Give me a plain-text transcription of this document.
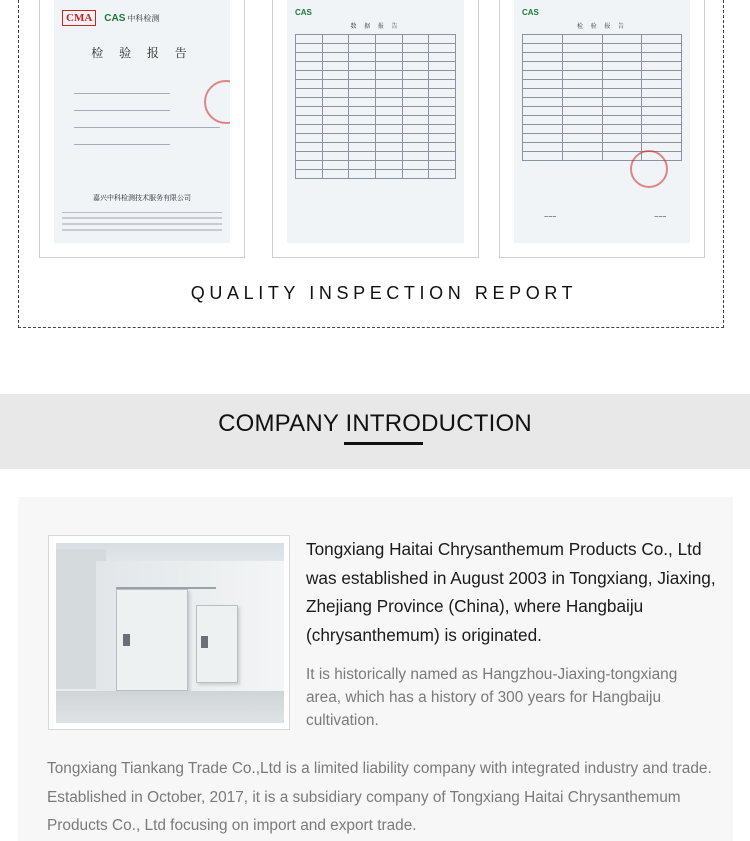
CMA	CAS 中科检测
检 验 报 告
嘉兴中科检测技术服务有限公司
CAS
数 据 报 告

CAS
检 验 报 告

~~~	~~~
QUALITY INSPECTION REPORT
COMPANY INTRODUCTION

Tongxiang Haitai Chrysanthemum Products Co., Ltd was established in August 2003 in Tongxiang, Jiaxing, Zhejiang Province (China), where Hangbaiju (chrysanthemum) is originated.

It is historically named as Hangzhou-Jiaxing-tongxiang area, which has a history of 300 years for Hangbaiju cultivation.

Tongxiang Tiankang Trade Co.,Ltd is a limited liability company with integrated industry and trade. Established in October, 2017, it is a subsidiary company of Tongxiang Haitai Chrysanthemum Products Co., Ltd focusing on import and export trade.
